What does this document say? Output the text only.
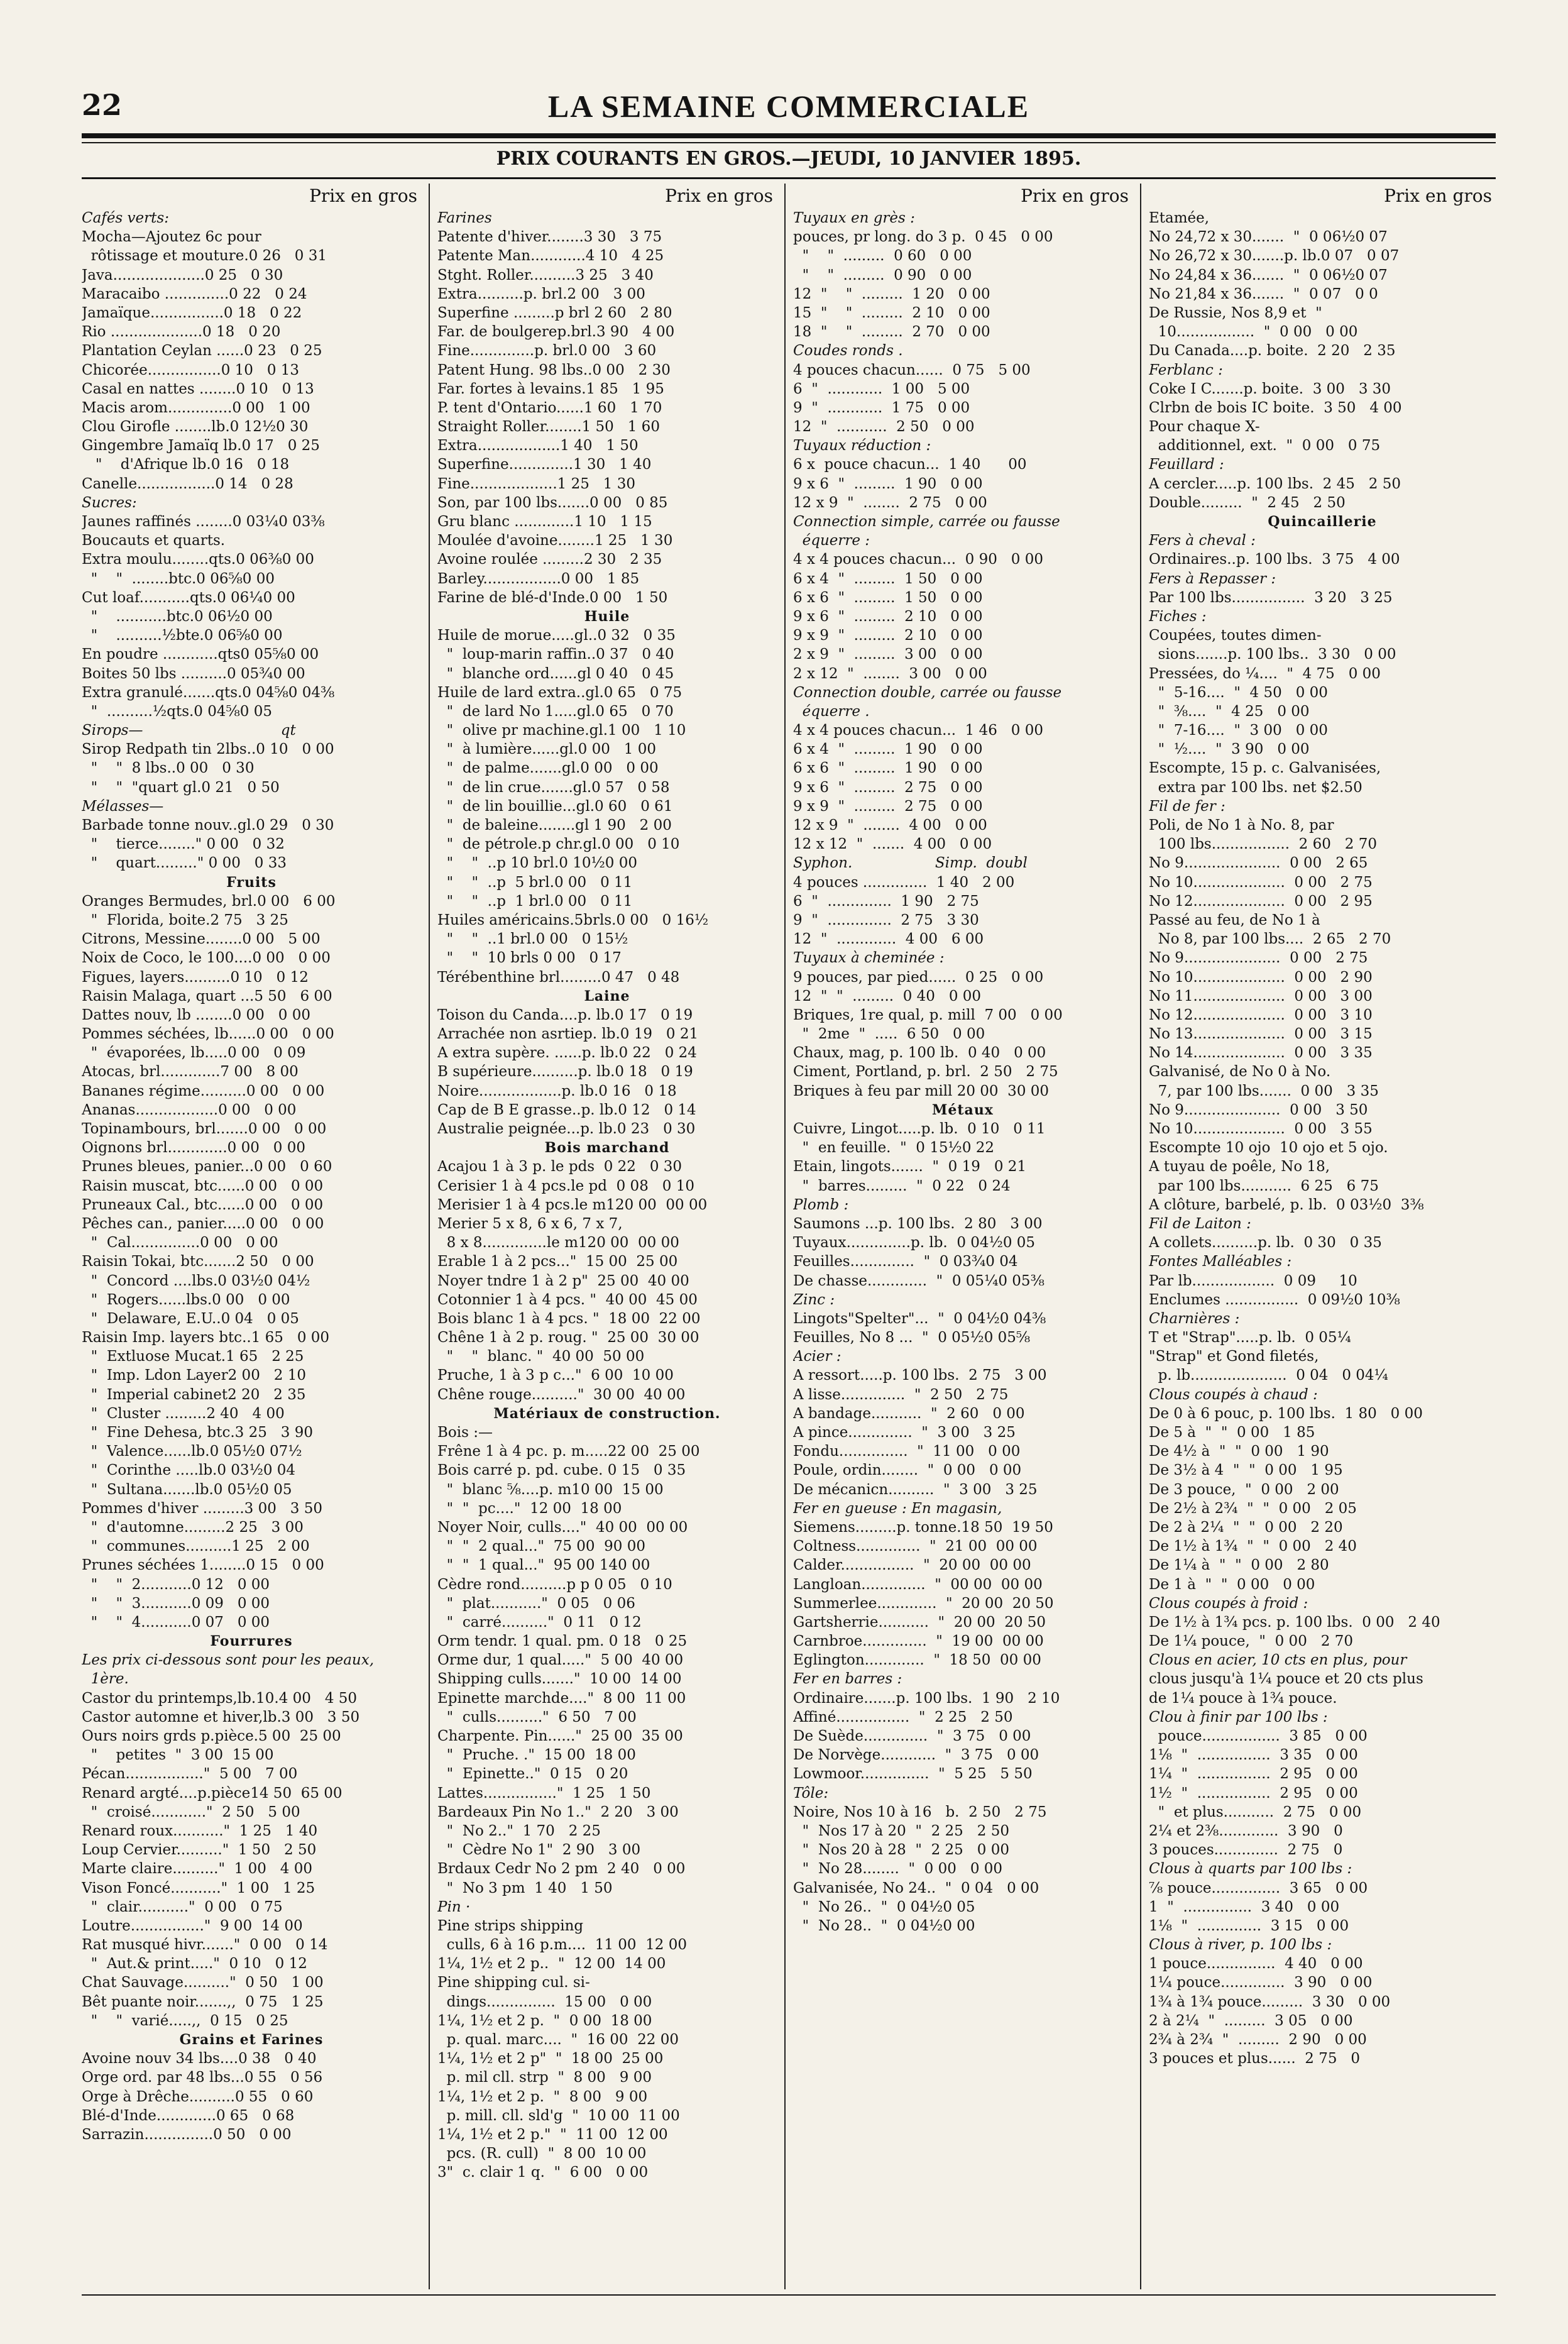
22	LA SEMAINE COMMERCIALE
PRIX COURANTS EN GROS.—JEUDI, 10 JANVIER 1895.
Prix en gros
Cafés verts:
Mocha—Ajoutez 6c pour
rôtissage et mouture.0 26   0 31
Java....................0 25   0 30
Maracaibo ..............0 22   0 24
Jamaïque................0 18   0 22
Rio ....................0 18   0 20
Plantation Ceylan ......0 23   0 25
Chicorée................0 10   0 13
Casal en nattes ........0 10   0 13
Macis arom..............0 00   1 00
Clou Girofle ........lb.0 12½0 30
Gingembre Jamaïq lb.0 17   0 25
"    d'Afrique lb.0 16   0 18
Canelle.................0 14   0 28
Sucres:
Jaunes raffinés ........0 03¼0 03⅜
Boucauts et quarts.
Extra moulu........qts.0 06⅜0 00
"    "  ........btc.0 06⅝0 00
Cut loaf...........qts.0 06¼0 00
"    ...........btc.0 06½0 00
"    ..........½bte.0 06⅝0 00
En poudre ............qts0 05⅝0 00
Boites 50 lbs ..........0 05¾0 00
Extra granulé.......qts.0 04⅝0 04⅜
"  ..........½qts.0 04⅝0 05
Sirops—                              qt
Sirop Redpath tin 2lbs..0 10   0 00
"    "  8 lbs..0 00   0 30
"    "  "quart gl.0 21   0 50
Mélasses—
Barbade tonne nouv..gl.0 29   0 30
"    tierce........" 0 00   0 32
"    quart........." 0 00   0 33
Fruits
Oranges Bermudes, brl.0 00   6 00
"  Florida, boite.2 75   3 25
Citrons, Messine........0 00   5 00
Noix de Coco, le 100....0 00   0 00
Figues, layers..........0 10   0 12
Raisin Malaga, quart ...5 50   6 00
Dattes nouv, lb ........0 00   0 00
Pommes séchées, lb......0 00   0 00
"  évaporées, lb.....0 00   0 09
Atocas, brl.............7 00   8 00
Bananes régime..........0 00   0 00
Ananas..................0 00   0 00
Topinambours, brl.......0 00   0 00
Oignons brl.............0 00   0 00
Prunes bleues, panier...0 00   0 60
Raisin muscat, btc......0 00   0 00
Pruneaux Cal., btc......0 00   0 00
Pêches can., panier.....0 00   0 00
"  Cal...............0 00   0 00
Raisin Tokai, btc.......2 50   0 00
"  Concord ....lbs.0 03½0 04½
"  Rogers......lbs.0 00   0 00
"  Delaware, E.U..0 04   0 05
Raisin Imp. layers btc..1 65   0 00
"  Extluose Mucat.1 65   2 25
"  Imp. Ldon Layer2 00   2 10
"  Imperial cabinet2 20   2 35
"  Cluster .........2 40   4 00
"  Fine Dehesa, btc.3 25   3 90
"  Valence......lb.0 05½0 07½
"  Corinthe .....lb.0 03½0 04
"  Sultana.......lb.0 05½0 05
Pommes d'hiver .........3 00   3 50
"  d'automne.........2 25   3 00
"  communes..........1 25   2 00
Prunes séchées 1........0 15   0 00
"    "  2...........0 12   0 00
"    "  3...........0 09   0 00
"    "  4...........0 07   0 00
Fourrures
Les prix ci-dessous sont pour les peaux,
1ère.
Castor du printemps,lb.10.4 00   4 50
Castor automne et hiver,lb.3 00   3 50
Ours noirs grds p.pièce.5 00  25 00
"    petites  "  3 00  15 00
Pécan................."  5 00   7 00
Renard argté....p.pièce14 50  65 00
"  croisé............"  2 50   5 00
Renard roux..........."  1 25   1 40
Loup Cervier.........."  1 50   2 50
Marte claire.........."  1 00   4 00
Vison Foncé..........."  1 00   1 25
"  clair..........."  0 00   0 75
Loutre................"  9 00  14 00
Rat musqué hivr......."  0 00   0 14
"  Aut.& print....."  0 10   0 12
Chat Sauvage.........."  0 50   1 00
Bêt puante noir.......,,  0 75   1 25
"    "  varié.....,,  0 15   0 25
Grains et Farines
Avoine nouv 34 lbs....0 38   0 40
Orge ord. par 48 lbs...0 55   0 56
Orge à Drêche..........0 55   0 60
Blé-d'Inde.............0 65   0 68
Sarrazin...............0 50   0 00
Prix en gros
Farines
Patente d'hiver........3 30   3 75
Patente Man............4 10   4 25
Stght. Roller..........3 25   3 40
Extra..........p. brl.2 00   3 00
Superfine .........p brl 2 60   2 80
Far. de boulgerep.brl.3 90   4 00
Fine..............p. brl.0 00   3 60
Patent Hung. 98 lbs..0 00   2 30
Far. fortes à levains.1 85   1 95
P. tent d'Ontario......1 60   1 70
Straight Roller........1 50   1 60
Extra..................1 40   1 50
Superfine..............1 30   1 40
Fine...................1 25   1 30
Son, par 100 lbs.......0 00   0 85
Gru blanc .............1 10   1 15
Moulée d'avoine........1 25   1 30
Avoine roulée .........2 30   2 35
Barley.................0 00   1 85
Farine de blé-d'Inde.0 00   1 50
Huile
Huile de morue.....gl..0 32   0 35
"  loup-marin raffin..0 37   0 40
"  blanche ord......gl 0 40   0 45
Huile de lard extra..gl.0 65   0 75
"  de lard No 1.....gl.0 65   0 70
"  olive pr machine.gl.1 00   1 10
"  à lumière......gl.0 00   1 00
"  de palme.......gl.0 00   0 00
"  de lin crue.......gl.0 57   0 58
"  de lin bouillie...gl.0 60   0 61
"  de baleine........gl 1 90   2 00
"  de pétrole.p chr.gl.0 00   0 10
"    "  ..p 10 brl.0 10½0 00
"    "  ..p  5 brl.0 00   0 11
"    "  ..p  1 brl.0 00   0 11
Huiles américains.5brls.0 00   0 16½
"    "  ..1 brl.0 00   0 15½
"    "  10 brls 0 00   0 17
Térébenthine brl.........0 47   0 48
Laine
Toison du Canda....p. lb.0 17   0 19
Arrachée non asrtiep. lb.0 19   0 21
A extra supère. ......p. lb.0 22   0 24
B supérieure..........p. lb.0 18   0 19
Noire..................p. lb.0 16   0 18
Cap de B E grasse..p. lb.0 12   0 14
Australie peignée...p. lb.0 23   0 30
Bois marchand
Acajou 1 à 3 p. le pds  0 22   0 30
Cerisier 1 à 4 pcs.le pd  0 08   0 10
Merisier 1 à 4 pcs.le m120 00  00 00
Merier 5 x 8, 6 x 6, 7 x 7,
8 x 8..............le m120 00  00 00
Erable 1 à 2 pcs..."  15 00  25 00
Noyer tndre 1 à 2 p"  25 00  40 00
Cotonnier 1 à 4 pcs. "  40 00  45 00
Bois blanc 1 à 4 pcs. "  18 00  22 00
Chêne 1 à 2 p. roug. "  25 00  30 00
"    "  blanc. "  40 00  50 00
Pruche, 1 à 3 p c..."  6 00  10 00
Chêne rouge.........."  30 00  40 00
Matériaux de construction.
Bois :—
Frêne 1 à 4 pc. p. m.....22 00  25 00
Bois carré p. pd. cube. 0 15   0 35
"  blanc ⅝....p. m10 00  15 00
"  "  pc...."  12 00  18 00
Noyer Noir, culls...."  40 00  00 00
"  "  2 qual..."  75 00  90 00
"  "  1 qual..."  95 00 140 00
Cèdre rond..........p p 0 05   0 10
"  plat..........."  0 05   0 06
"  carré.........."  0 11   0 12
Orm tendr. 1 qual. pm. 0 18   0 25
Orme dur, 1 qual....."  5 00  40 00
Shipping culls......."  10 00  14 00
Epinette marchde...."  8 00  11 00
"  culls.........."  6 50   7 00
Charpente. Pin......"  25 00  35 00
"  Pruche. ."  15 00  18 00
"  Epinette.."  0 15   0 20
Lattes................"  1 25   1 50
Bardeaux Pin No 1.."  2 20   3 00
"  No 2.."  1 70   2 25
"  Cèdre No 1"  2 90   3 00
Brdaux Cedr No 2 pm  2 40   0 00
"  No 3 pm  1 40   1 50
Pin ·
Pine strips shipping
culls, 6 à 16 p.m....  11 00  12 00
1¼, 1½ et 2 p..  "  12 00  14 00
Pine shipping cul. si-
dings...............  15 00   0 00
1¼, 1½ et 2 p.  "  0 00  18 00
p. qual. marc....  "  16 00  22 00
1¼, 1½ et 2 p"  "  18 00  25 00
p. mil cll. strp  "  8 00   9 00
1¼, 1½ et 2 p.  "  8 00   9 00
p. mill. cll. sld'g  "  10 00  11 00
1¼, 1½ et 2 p."  "  11 00  12 00
pcs. (R. cull)  "  8 00  10 00
3"  c. clair 1 q.  "  6 00   0 00
Prix en gros
Tuyaux en grès :
pouces, pr long. do 3 p.  0 45   0 00
"    "  .........  0 60   0 00
"    "  .........  0 90   0 00
12  "    "  .........  1 20   0 00
15  "    "  .........  2 10   0 00
18  "    "  .........  2 70   0 00
Coudes ronds .
4 pouces chacun......  0 75   5 00
6  "  ............  1 00   5 00
9  "  ............  1 75   0 00
12  "  ...........  2 50   0 00
Tuyaux réduction :
6 x  pouce chacun...  1 40      00
9 x 6  "  .........  1 90   0 00
12 x 9  "  ........  2 75   0 00
Connection simple, carrée ou fausse
équerre :
4 x 4 pouces chacun...  0 90   0 00
6 x 4  "  .........  1 50   0 00
6 x 6  "  .........  1 50   0 00
9 x 6  "  .........  2 10   0 00
9 x 9  "  .........  2 10   0 00
2 x 9  "  .........  3 00   0 00
2 x 12  "  ........  3 00   0 00
Connection double, carrée ou fausse
équerre .
4 x 4 pouces chacun...  1 46   0 00
6 x 4  "  .........  1 90   0 00
6 x 6  "  .........  1 90   0 00
9 x 6  "  .........  2 75   0 00
9 x 9  "  .........  2 75   0 00
12 x 9  "  ........  4 00   0 00
12 x 12  "  .......  4 00   0 00
Syphon.                  Simp.  doubl
4 pouces ..............  1 40   2 00
6  "  ..............  1 90   2 75
9  "  ..............  2 75   3 30
12  "  .............  4 00   6 00
Tuyaux à cheminée :
9 pouces, par pied......  0 25   0 00
12  "  "  .........  0 40   0 00
Briques, 1re qual, p. mill  7 00   0 00
"  2me  "  .....  6 50   0 00
Chaux, mag, p. 100 lb.  0 40   0 00
Ciment, Portland, p. brl.  2 50   2 75
Briques à feu par mill 20 00  30 00
Métaux
Cuivre, Lingot.....p. lb.  0 10   0 11
"  en feuille.  "  0 15½0 22
Etain, lingots.......  "  0 19   0 21
"  barres.........  "  0 22   0 24
Plomb :
Saumons ...p. 100 lbs.  2 80   3 00
Tuyaux..............p. lb.  0 04½0 05
Feuilles..............  "  0 03¾0 04
De chasse.............  "  0 05¼0 05⅜
Zinc :
Lingots"Spelter"...  "  0 04½0 04⅜
Feuilles, No 8 ...  "  0 05½0 05⅝
Acier :
A ressort.....p. 100 lbs.  2 75   3 00
A lisse..............  "  2 50   2 75
A bandage...........  "  2 60   0 00
A pince..............  "  3 00   3 25
Fondu...............  "  11 00   0 00
Poule, ordin........  "  0 00   0 00
De mécanicn..........  "  3 00   3 25
Fer en gueuse : En magasin,
Siemens.........p. tonne.18 50  19 50
Coltness..............  "  21 00  00 00
Calder................  "  20 00  00 00
Langloan..............  "  00 00  00 00
Summerlee.............  "  20 00  20 50
Gartsherrie...........  "  20 00  20 50
Carnbroe..............  "  19 00  00 00
Eglington.............  "  18 50  00 00
Fer en barres :
Ordinaire.......p. 100 lbs.  1 90   2 10
Affiné................  "  2 25   2 50
De Suède..............  "  3 75   0 00
De Norvège............  "  3 75   0 00
Lowmoor...............  "  5 25   5 50
Tôle:
Noire, Nos 10 à 16   b.  2 50   2 75
"  Nos 17 à 20  "  2 25   2 50
"  Nos 20 à 28  "  2 25   0 00
"  No 28........  "  0 00   0 00
Galvanisée, No 24..  "  0 04   0 00
"  No 26..  "  0 04½0 05
"  No 28..  "  0 04½0 00
Prix en gros
Etamée,
No 24,72 x 30.......  "  0 06½0 07
No 26,72 x 30.......p. lb.0 07   0 07
No 24,84 x 36.......  "  0 06½0 07
No 21,84 x 36.......  "  0 07   0 0
De Russie, Nos 8,9 et  "
10.................  "  0 00   0 00
Du Canada....p. boite.  2 20   2 35
Ferblanc :
Coke I C.......p. boite.  3 00   3 30
Clrbn de bois IC boite.  3 50   4 00
Pour chaque X-
additionnel, ext.  "  0 00   0 75
Feuillard :
A cercler.....p. 100 lbs.  2 45   2 50
Double.........  "  2 45   2 50
Quincaillerie
Fers à cheval :
Ordinaires..p. 100 lbs.  3 75   4 00
Fers à Repasser :
Par 100 lbs................  3 20   3 25
Fiches :
Coupées, toutes dimen-
sions.......p. 100 lbs..  3 30   0 00
Pressées, do ¼....  "  4 75   0 00
"  5-16....  "  4 50   0 00
"  ⅜....  "  4 25   0 00
"  7-16....  "  3 00   0 00
"  ½....  "  3 90   0 00
Escompte, 15 p. c. Galvanisées,
extra par 100 lbs. net $2.50
Fil de fer :
Poli, de No 1 à No. 8, par
100 lbs.................  2 60   2 70
No 9.....................  0 00   2 65
No 10....................  0 00   2 75
No 12....................  0 00   2 95
Passé au feu, de No 1 à
No 8, par 100 lbs....  2 65   2 70
No 9.....................  0 00   2 75
No 10....................  0 00   2 90
No 11....................  0 00   3 00
No 12....................  0 00   3 10
No 13....................  0 00   3 15
No 14....................  0 00   3 35
Galvanisé, de No 0 à No.
7, par 100 lbs.......  0 00   3 35
No 9.....................  0 00   3 50
No 10....................  0 00   3 55
Escompte 10 ojo  10 ojo et 5 ojo.
A tuyau de poêle, No 18,
par 100 lbs...........  6 25   6 75
A clôture, barbelé, p. lb.  0 03½0  3⅜
Fil de Laiton :
A collets..........p. lb.  0 30   0 35
Fontes Malléables :
Par lb..................  0 09     10
Enclumes ................  0 09½0 10⅜
Charnières :
T et "Strap".....p. lb.  0 05¼
"Strap" et Gond filetés,
p. lb.....................  0 04   0 04¼
Clous coupés à chaud :
De 0 à 6 pouc, p. 100 lbs.  1 80   0 00
De 5 à  "  "  0 00   1 85
De 4½ à  "  "  0 00   1 90
De 3½ à 4  "  "  0 00   1 95
De 3 pouce,  "  0 00   2 00
De 2½ à 2¾  "  "  0 00   2 05
De 2 à 2¼  "  "  0 00   2 20
De 1½ à 1¾  "  "  0 00   2 40
De 1¼ à  "  "  0 00   2 80
De 1 à  "  "  0 00   0 00
Clous coupés à froid :
De 1½ à 1¾ pcs. p. 100 lbs.  0 00   2 40
De 1¼ pouce,  "  0 00   2 70
Clous en acier, 10 cts en plus, pour
clous jusqu'à 1¼ pouce et 20 cts plus
de 1¼ pouce à 1¾ pouce.
Clou à finir par 100 lbs :
pouce.................  3 85   0 00
1⅛  "  ................  3 35   0 00
1¼  "  ................  2 95   0 00
1½  "  ................  2 95   0 00
"  et plus...........  2 75   0 00
2¼ et 2⅜.............  3 90   0
3 pouces..............  2 75   0
Clous à quarts par 100 lbs :
⅞ pouce...............  3 65   0 00
1  "  ...............  3 40   0 00
1⅛  "  ..............  3 15   0 00
Clous à river, p. 100 lbs :
1 pouce...............  4 40   0 00
1¼ pouce..............  3 90   0 00
1¾ à 1¾ pouce.........  3 30   0 00
2 à 2¼  "  .........  3 05   0 00
2¾ à 2¾  "  .........  2 90   0 00
3 pouces et plus......  2 75   0
